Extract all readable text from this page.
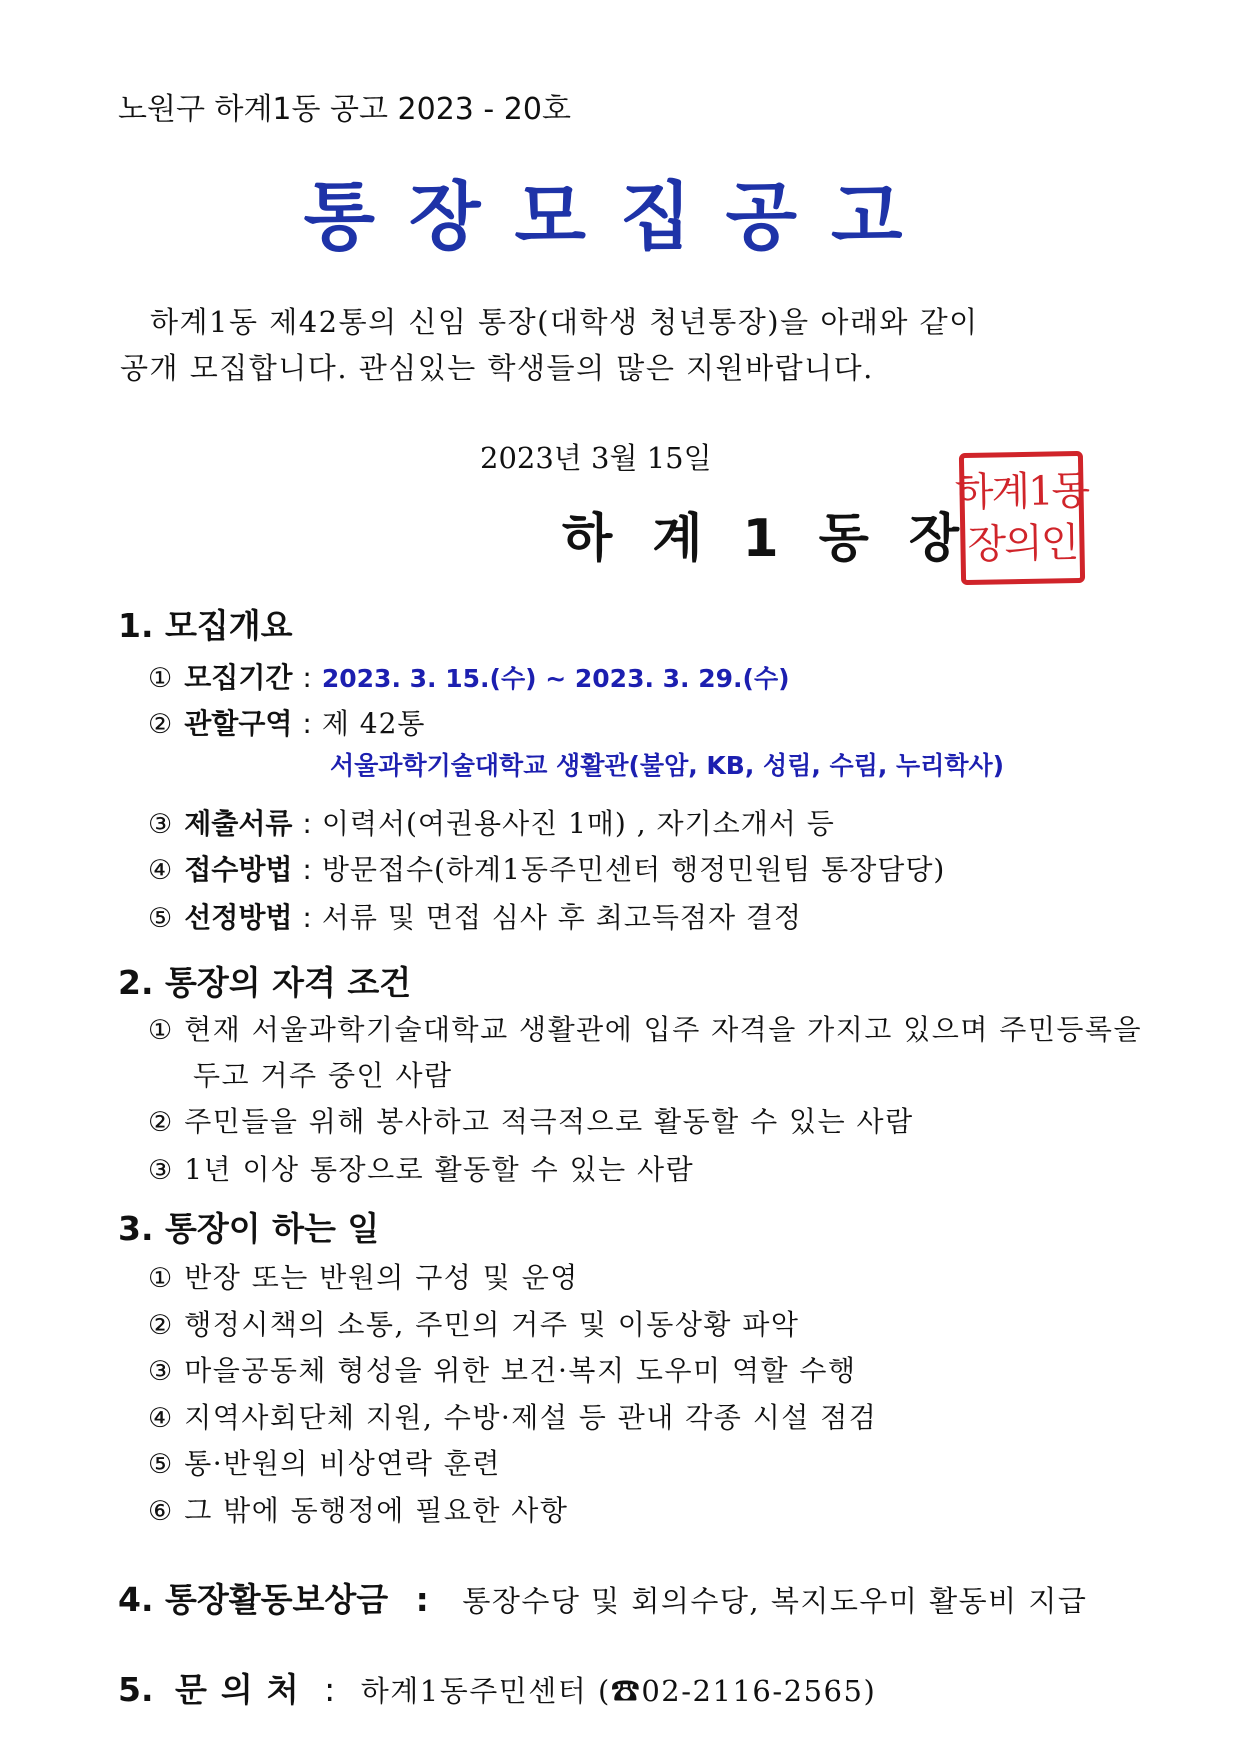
노원구 하계1동 공고 2023 - 20호
통장모집공고
하계1동 제42통의 신임 통장(대학생 청년통장)을 아래와 같이
공개 모집합니다. 관심있는 학생들의 많은 지원바랍니다.
2023년 3월 15일
하계1동장
하계1동
장의인
1. 모집개요
① 모집기간 : 2023. 3. 15.(수) ~ 2023. 3. 29.(수)
② 관할구역 : 제 42통
서울과학기술대학교 생활관(불암, KB, 성림, 수림, 누리학사)
③ 제출서류 : 이력서(여권용사진 1매) , 자기소개서 등
④ 접수방법 : 방문접수(하계1동주민센터 행정민원팀 통장담당)
⑤ 선정방법 : 서류 및 면접 심사 후 최고득점자 결정
2. 통장의 자격 조건
① 현재 서울과학기술대학교 생활관에 입주 자격을 가지고 있으며 주민등록을
두고 거주 중인 사람
② 주민들을 위해 봉사하고 적극적으로 활동할 수 있는 사람
③ 1년 이상 통장으로 활동할 수 있는 사람
3. 통장이 하는 일
① 반장 또는 반원의 구성 및 운영
② 행정시책의 소통, 주민의 거주 및 이동상황 파악
③ 마을공동체 형성을 위한 보건·복지 도우미 역할 수행
④ 지역사회단체 지원, 수방·제설 등 관내 각종 시설 점검
⑤ 통·반원의 비상연락 훈련
⑥ 그 밖에 동행정에 필요한 사항
4. 통장활동보상금 : 통장수당 및 회의수당, 복지도우미 활동비 지급
5. 문의처 : 하계1동주민센터 (☎02-2116-2565)
